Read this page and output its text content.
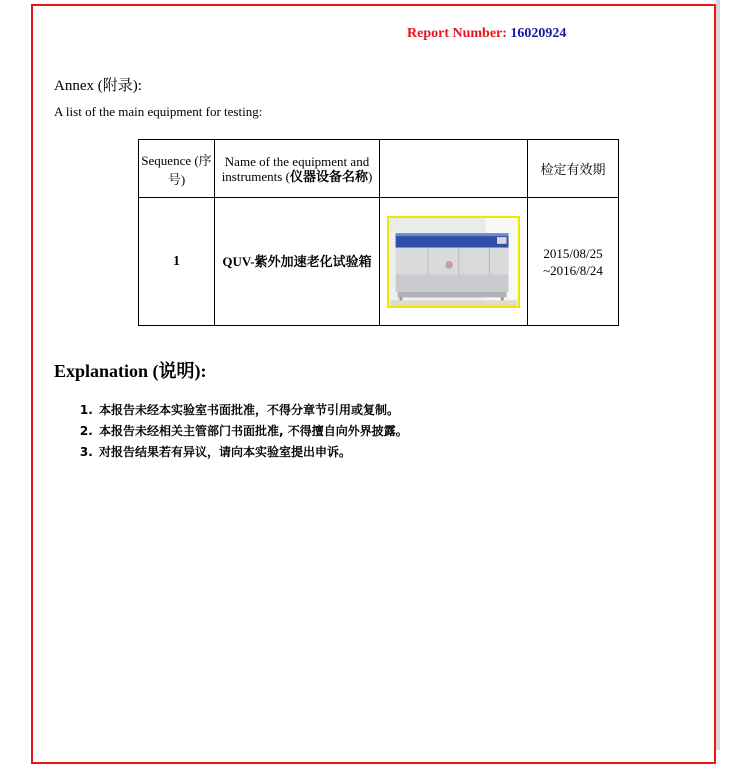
Report Number: 16020924
Annex (附录):
A list of the main equipment for testing:
Sequence (序号)	Name of the equipment and instruments (仪器设备名称)		检定有效期
1	QUV-紫外加速老化试验箱		2015/08/25
~2016/8/24
Explanation (说明):
1. 本报告未经本实验室书面批准，不得分章节引用或复制。
2. 本报告未经相关主管部门书面批准, 不得擅自向外界披露。
3. 对报告结果若有异议，请向本实验室提出申诉。
